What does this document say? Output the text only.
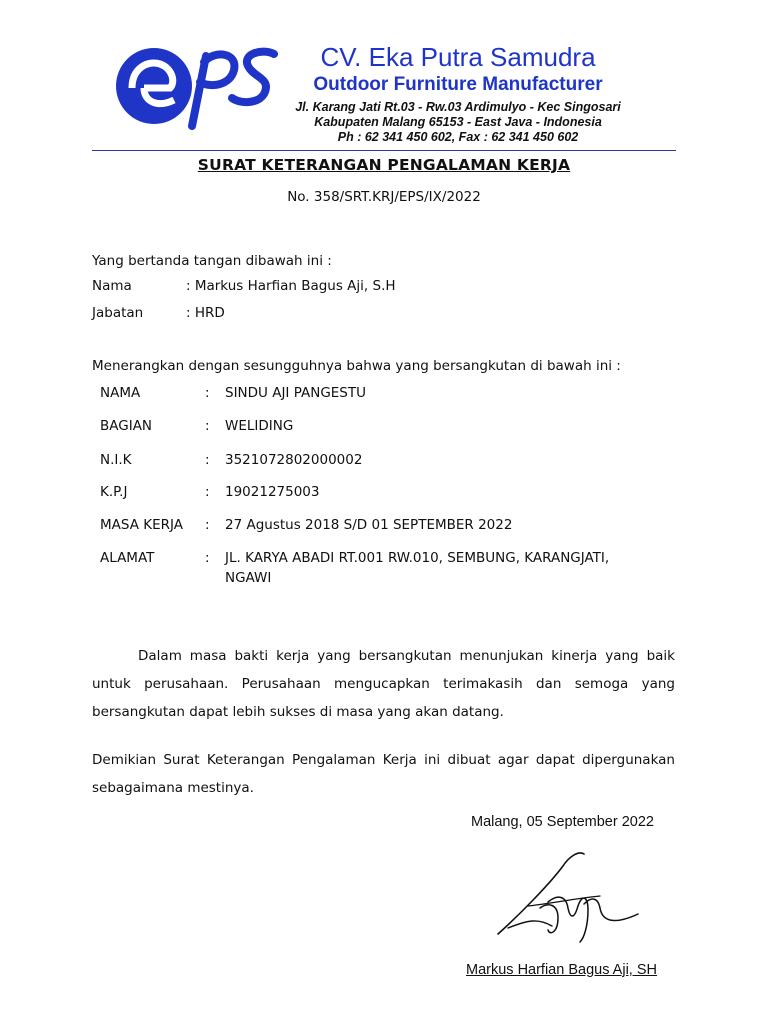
CV. Eka Putra Samudra
Outdoor Furniture Manufacturer
Jl. Karang Jati Rt.03 - Rw.03 Ardimulyo - Kec Singosari
Kabupaten Malang 65153 - East Java - Indonesia
Ph : 62 341 450 602, Fax : 62 341 450 602
SURAT KETERANGAN PENGALAMAN KERJA
No. 358/SRT.KRJ/EPS/IX/2022
Yang bertanda tangan dibawah ini :
Nama	: Markus Harfian Bagus Aji, S.H
Jabatan	: HRD
Menerangkan dengan sesungguhnya bahwa yang bersangkutan di bawah ini :
NAMA	: SINDU AJI PANGESTU
BAGIAN	: WELIDING
N.I.K	: 3521072802000002
K.P.J	: 19021275003
MASA KERJA : 27 Agustus 2018 S/D 01 SEPTEMBER 2022
ALAMAT	: JL. KARYA ABADI RT.001 RW.010, SEMBUNG, KARANGJATI,
NGAWI
Dalam masa bakti kerja yang bersangkutan menunjukan kinerja yang baik untuk perusahaan. Perusahaan mengucapkan terimakasih dan semoga yang bersangkutan dapat lebih sukses di masa yang akan datang.
Demikian Surat Keterangan Pengalaman Kerja ini dibuat agar dapat dipergunakan sebagaimana mestinya.
Malang, 05 September 2022
Markus Harfian Bagus Aji, SH
